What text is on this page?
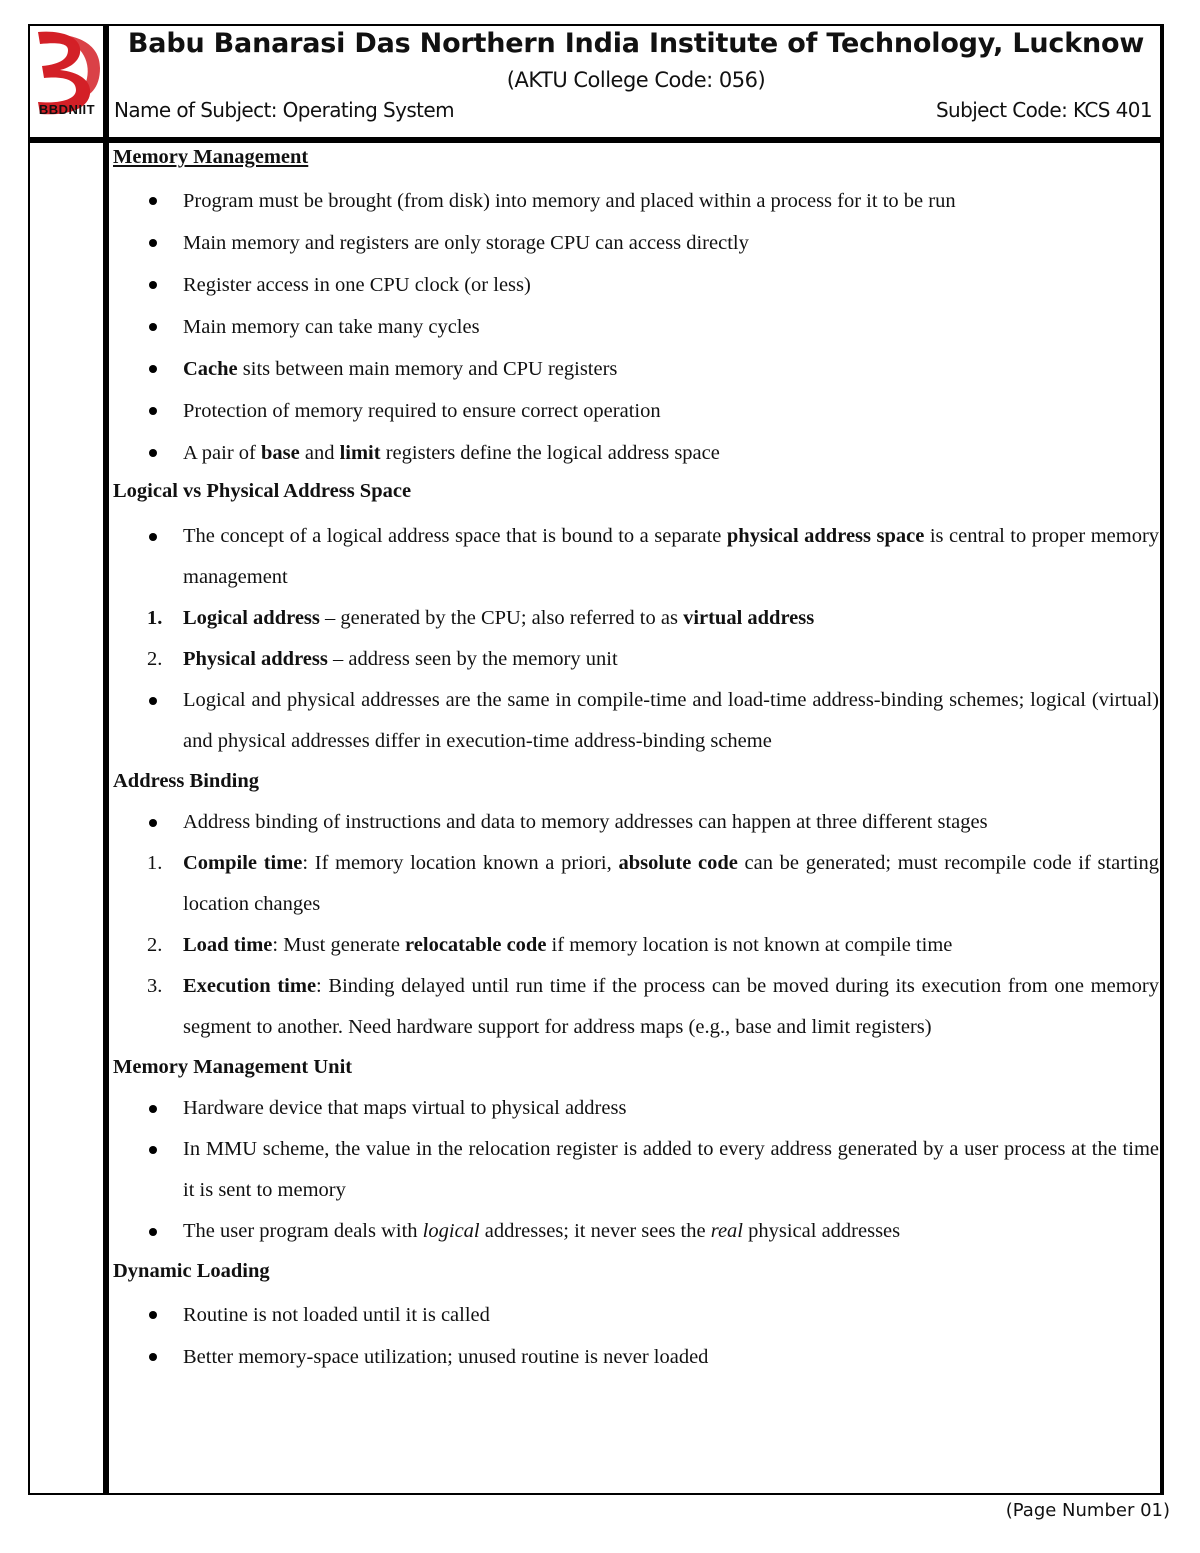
BBDNIIT
Babu Banarasi Das Northern India Institute of Technology, Lucknow
(AKTU College Code: 056)
Name of Subject: Operating System	Subject Code: KCS 401
Memory Management
Program must be brought (from disk) into memory and placed within a process for it to be run
Main memory and registers are only storage CPU can access directly
Register access in one CPU clock (or less)
Main memory can take many cycles
Cache sits between main memory and CPU registers
Protection of memory required to ensure correct operation
A pair of base and limit registers define the logical address space
Logical vs Physical Address Space
The concept of a logical address space that is bound to a separate physical address space is central to proper memory management
1.	Logical address – generated by the CPU; also referred to as virtual address
2.	Physical address – address seen by the memory unit
Logical and physical addresses are the same in compile-time and load-time address-binding schemes; logical (virtual) and physical addresses differ in execution-time address-binding scheme
Address Binding
Address binding of instructions and data to memory addresses can happen at three different stages
1.	Compile time: If memory location known a priori, absolute code can be generated; must recompile code if starting location changes
2.	Load time: Must generate relocatable code if memory location is not known at compile time
3.	Execution time: Binding delayed until run time if the process can be moved during its execution from one memory segment to another. Need hardware support for address maps (e.g., base and limit registers)
Memory Management Unit
Hardware device that maps virtual to physical address
In MMU scheme, the value in the relocation register is added to every address generated by a user process at the time it is sent to memory
The user program deals with logical addresses; it never sees the real physical addresses
Dynamic Loading
Routine is not loaded until it is called
Better memory-space utilization; unused routine is never loaded
(Page Number 01)
